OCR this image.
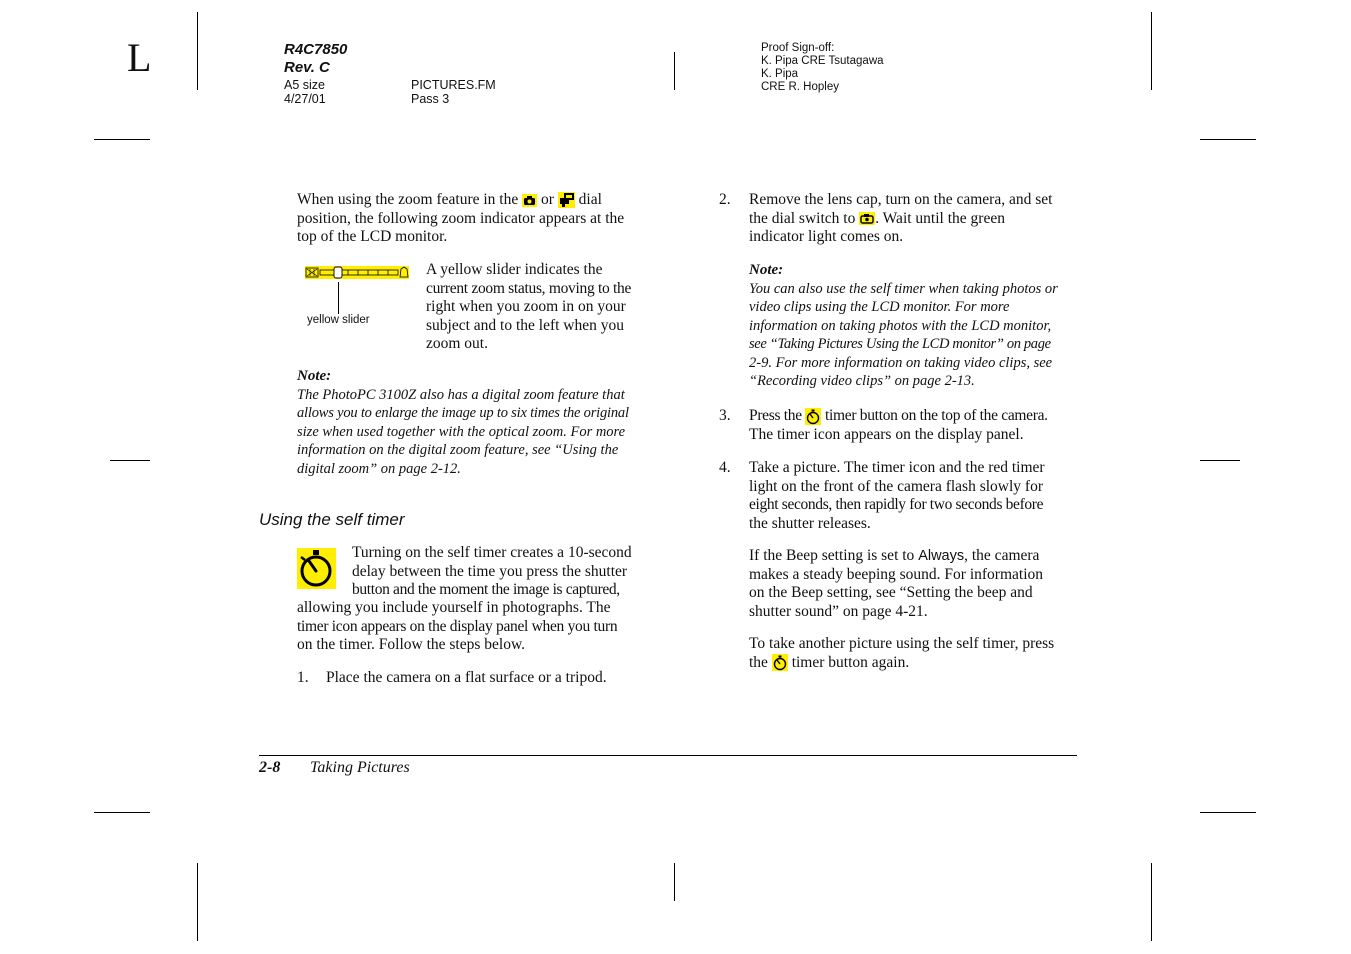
L	R4C7850
Rev. C
A5 size
4/27/01
PICTURES.FM
Pass 3
Proof Sign-off:
K. Pipa CRE Tsutagawa
K. Pipa
CRE R. Hopley
When using the zoom feature in the or dial
position, the following zoom indicator appears at the
top of the LCD monitor.
yellow slider
A yellow slider indicates the
current zoom status, moving to the
right when you zoom in on your
subject and to the left when you
zoom out.
Note:
The PhotoPC 3100Z also has a digital zoom feature that
allows you to enlarge the image up to six times the original
size when used together with the optical zoom. For more
information on the digital zoom feature, see “Using the
digital zoom” on page 2-12.
Using the self timer
Turning on the self timer creates a 10-second
delay between the time you press the shutter
button and the moment the image is captured,
allowing you include yourself in photographs. The
timer icon appears on the display panel when you turn
on the timer. Follow the steps below.
1. Place the camera on a flat surface or a tripod.
2. Remove the lens cap, turn on the camera, and set
the dial switch to . Wait until the green
indicator light comes on.
Note:
You can also use the self timer when taking photos or
video clips using the LCD monitor. For more
information on taking photos with the LCD monitor,
see “Taking Pictures Using the LCD monitor” on page
2-9. For more information on taking video clips, see
“Recording video clips” on page 2-13.
3. Press the timer button on the top of the camera.
The timer icon appears on the display panel.
4. Take a picture. The timer icon and the red timer
light on the front of the camera flash slowly for
eight seconds, then rapidly for two seconds before
the shutter releases.
If the Beep setting is set to Always, the camera
makes a steady beeping sound. For information
on the Beep setting, see “Setting the beep and
shutter sound” on page 4-21.
To take another picture using the self timer, press
the timer button again.
2-8 Taking Pictures
